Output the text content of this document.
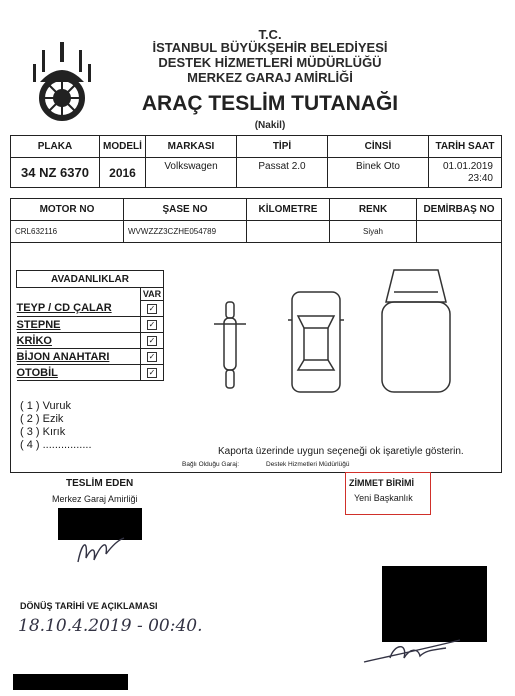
T.C.
İSTANBUL BÜYÜKŞEHİR BELEDİYESİ
DESTEK HİZMETLERİ MÜDÜRLÜĞÜ
MERKEZ GARAJ AMİRLİĞİ
ARAÇ TESLİM TUTANAĞI
(Nakil)
PLAKA	MODELİ	MARKASI	TİPİ	CİNSİ	TARİH SAAT
34 NZ 6370	2016	Volkswagen	Passat 2.0	Binek Oto	01.01.2019
23:40
MOTOR NO	ŞASE NO	KİLOMETRE	RENK	DEMİRBAŞ NO
CRL632116	WVWZZZ3CZHE054789		Siyah	
AVADANLIKLAR	
	VAR
TEYP / CD ÇALAR	✓
STEPNE	✓
KRİKO	✓
BİJON ANAHTARI	✓
OTOBİL	✓
( 1 ) Vuruk
( 2 ) Ezik
( 3 ) Kırık
( 4 ) ................
Kaporta üzerinde uygun seçeneği ok işaretiyle gösterin.
Bağlı Olduğu Garaj:	Destek Hizmetleri Müdürlüğü
TESLİM EDEN
Merkez Garaj Amirliği
ZİMMET BİRİMİ
Yeni Başkanlık
DÖNÜŞ TARİHİ VE AÇIKLAMASI
18.10.4.2019 - 00:40.
